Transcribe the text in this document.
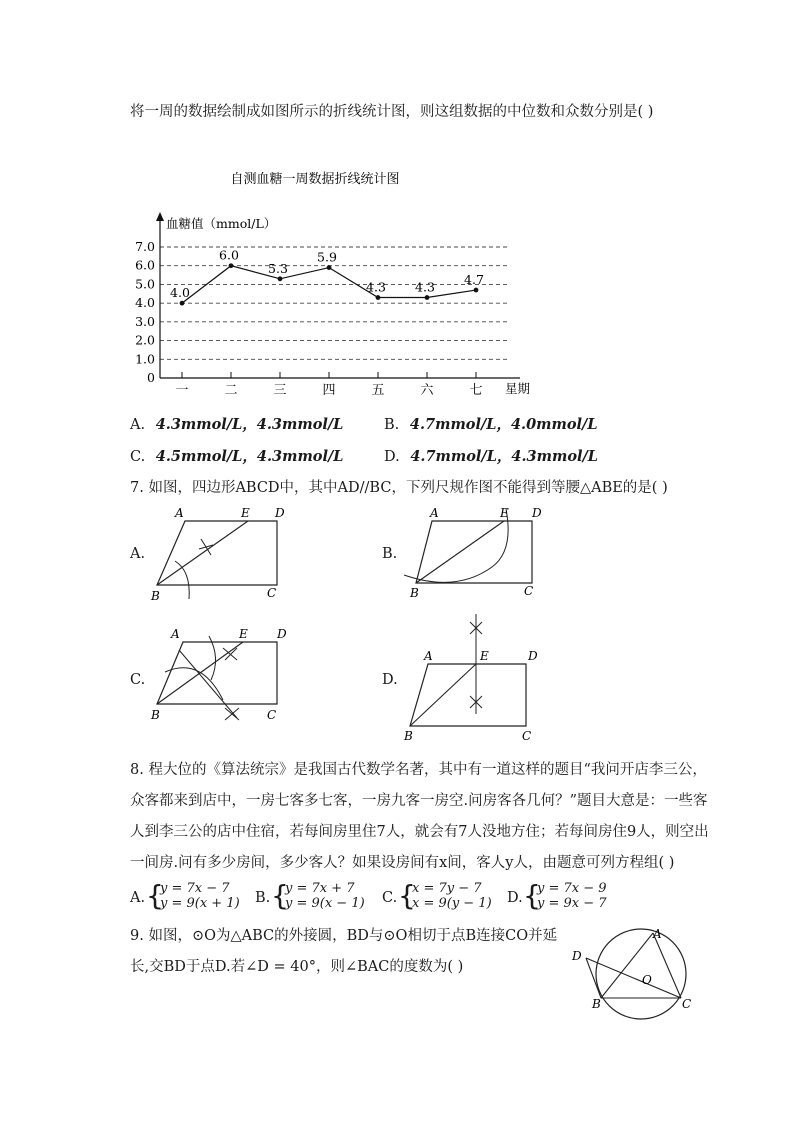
将一周的数据绘制成如图所示的折线统计图，则这组数据的中位数和众数分别是( )
自测血糖一周数据折线统计图
血糖值（mmol/L）
星期
0
1.0
2.0
3.0
4.0
5.0
6.0
7.0
一	二	三	四	五	六	七
4.0
6.0
5.3
5.9
4.3 4.3 4.7
A. 4.3mmol/L，4.3mmol/L	B. 4.7mmol/L，4.0mmol/L
C. 4.5mmol/L，4.3mmol/L	D. 4.7mmol/L，4.3mmol/L
7. 如图，四边形ABCD中，其中AD//BC，下列尺规作图不能得到等腰△ABE的是( )
A.
A	E D
B	C
B.
A	E D
B	C
C.
A	E D
B	C
D.
A	E	D
B	C
8. 程大位的《算法统宗》是我国古代数学名著，其中有一道这样的题目“我问开店李三公，
众客都来到店中，一房七客多七客，一房九客一房空.问房客各几何？”题目大意是：一些客
人到李三公的店中住宿，若每间房里住7人，就会有7人没地方住；若每间房住9人，则空出
一间房.问有多少房间，多少客人？如果设房间有x间，客人y人，由题意可列方程组( )
A. {
y = 7x − 7
y = 9(x + 1) B. {
y = 7x + 7
y = 9(x − 1) C. {
x = 7y − 7
x = 9(y − 1) D. {
y = 7x − 9
y = 9x − 7
9. 如图，⊙O为△ABC的外接圆，BD与⊙O相切于点B连接CO并延
长,交BD于点D.若∠D = 40°，则∠BAC的度数为( )
A
B	C
D
O
